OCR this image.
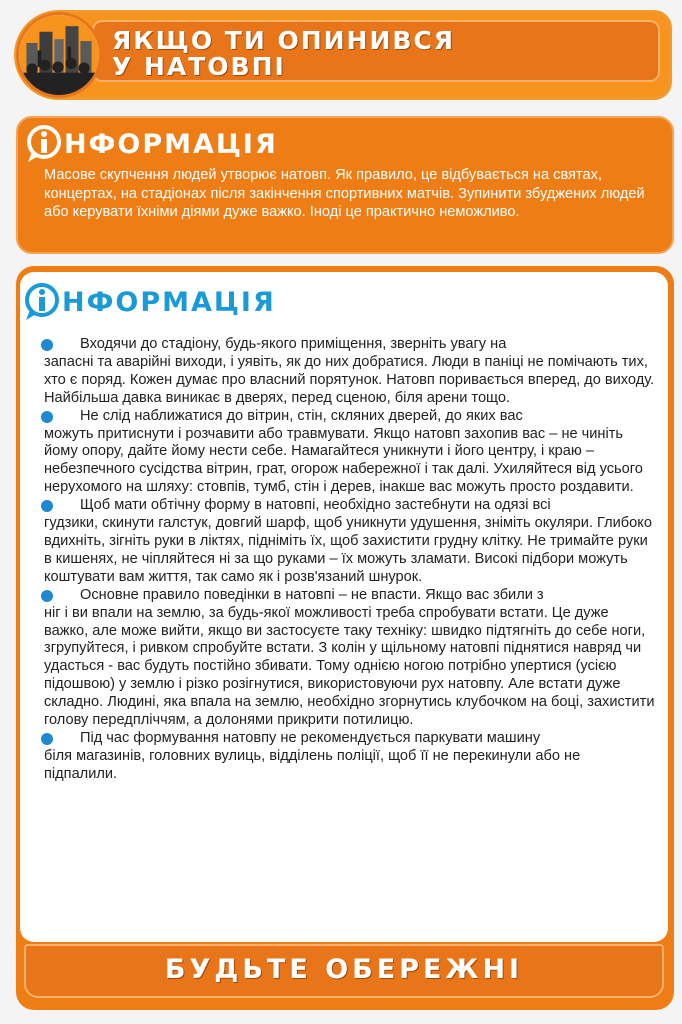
ЯКЩО ТИ ОПИНИВСЯ
У НАТОВПІ
НФОРМАЦІЯ
Масове скупчення людей утворює натовп. Як правило, це відбувається на святах, концертах, на стадіонах після закінчення спортивних матчів. Зупинити збуджених людей або керувати їхніми діями дуже важко. Іноді це практично неможливо.
НФОРМАЦІЯ
Входячи до стадіону, будь-якого приміщення, зверніть увагу на
запасні та аварійні виходи, і уявіть, як до них добратися. Люди в паніці не помічають тих, хто є поряд. Кожен думає про власний порятунок. Натовп поривається вперед, до виходу. Найбільша давка виникає в дверях, перед сценою, біля арени тощо.
Не слід наближатися до вітрин, стін, скляних дверей, до яких вас
можуть притиснути і розчавити або травмувати. Якщо натовп захопив вас – не чиніть йому опору, дайте йому нести себе. Намагайтеся уникнути і його центру, і краю – небезпечного сусідства вітрин, грат, огорож набережної і так далі. Ухиляйтеся від усього нерухомого на шляху: стовпів, тумб, стін і дерев, інакше вас можуть просто роздавити.
Щоб мати обтічну форму в натовпі, необхідно застебнути на одязі всі
гудзики, скинути галстук, довгий шарф, щоб уникнути удушення, зніміть окуляри. Глибоко вдихніть, зігніть руки в ліктях, підніміть їх, щоб захистити грудну клітку. Не тримайте руки в кишенях, не чіпляйтеся ні за що руками – їх можуть зламати. Високі підбори можуть коштувати вам життя, так само як і розв'язаний шнурок.
Основне правило поведінки в натовпі – не впасти. Якщо вас збили з
ніг і ви впали на землю, за будь-якої можливості треба спробувати встати. Це дуже важко, але може вийти, якщо ви застосуєте таку техніку: швидко підтягніть до себе ноги, згрупуйтеся, і ривком спробуйте встати. З колін у щільному натовпі піднятися навряд чи удасться - вас будуть постійно збивати. Тому однією ногою потрібно упертися (усією підошвою) у землю і різко розігнутися, використовуючи рух натовпу. Але встати дуже складно. Людині, яка впала на землю, необхідно згорнутись клубочком на боці, захистити голову передпліччям, а долонями прикрити потилицю.
Під час формування натовпу не рекомендується паркувати машину
біля магазинів, головних вулиць, відділень поліції, щоб її не перекинули або не підпалили.
БУДЬТЕ ОБЕРЕЖНІ
